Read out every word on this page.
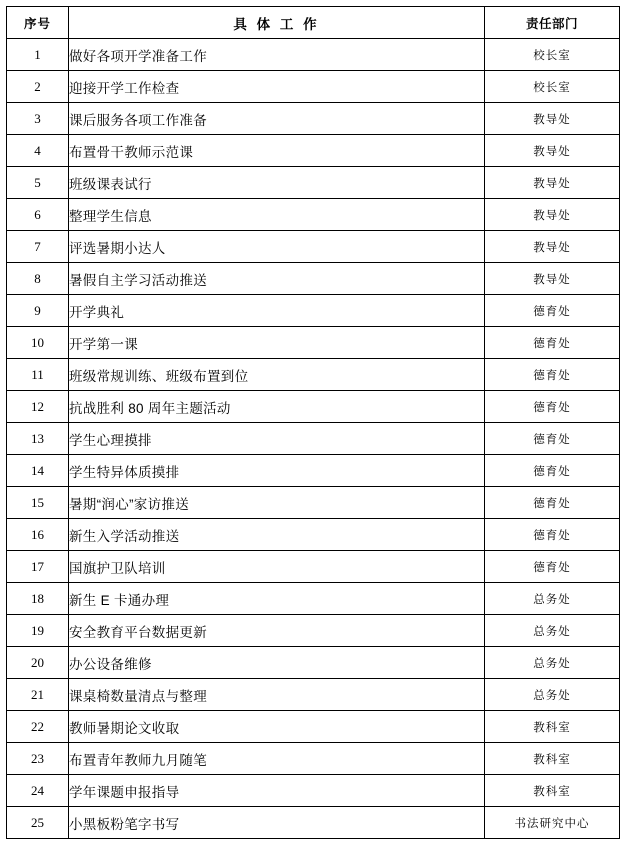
序号	具 体 工 作	责任部门
1	做好各项开学准备工作	校长室
2	迎接开学工作检查	校长室
3	课后服务各项工作准备	教导处
4	布置骨干教师示范课	教导处
5	班级课表试行	教导处
6	整理学生信息	教导处
7	评选暑期小达人	教导处
8	暑假自主学习活动推送	教导处
9	开学典礼	德育处
10	开学第一课	德育处
11	班级常规训练、班级布置到位	德育处
12	抗战胜利 80 周年主题活动	德育处
13	学生心理摸排	德育处
14	学生特异体质摸排	德育处
15	暑期“润心”家访推送	德育处
16	新生入学活动推送	德育处
17	国旗护卫队培训	德育处
18	新生 E 卡通办理	总务处
19	安全教育平台数据更新	总务处
20	办公设备维修	总务处
21	课桌椅数量清点与整理	总务处
22	教师暑期论文收取	教科室
23	布置青年教师九月随笔	教科室
24	学年课题申报指导	教科室
25	小黑板粉笔字书写	书法研究中心
